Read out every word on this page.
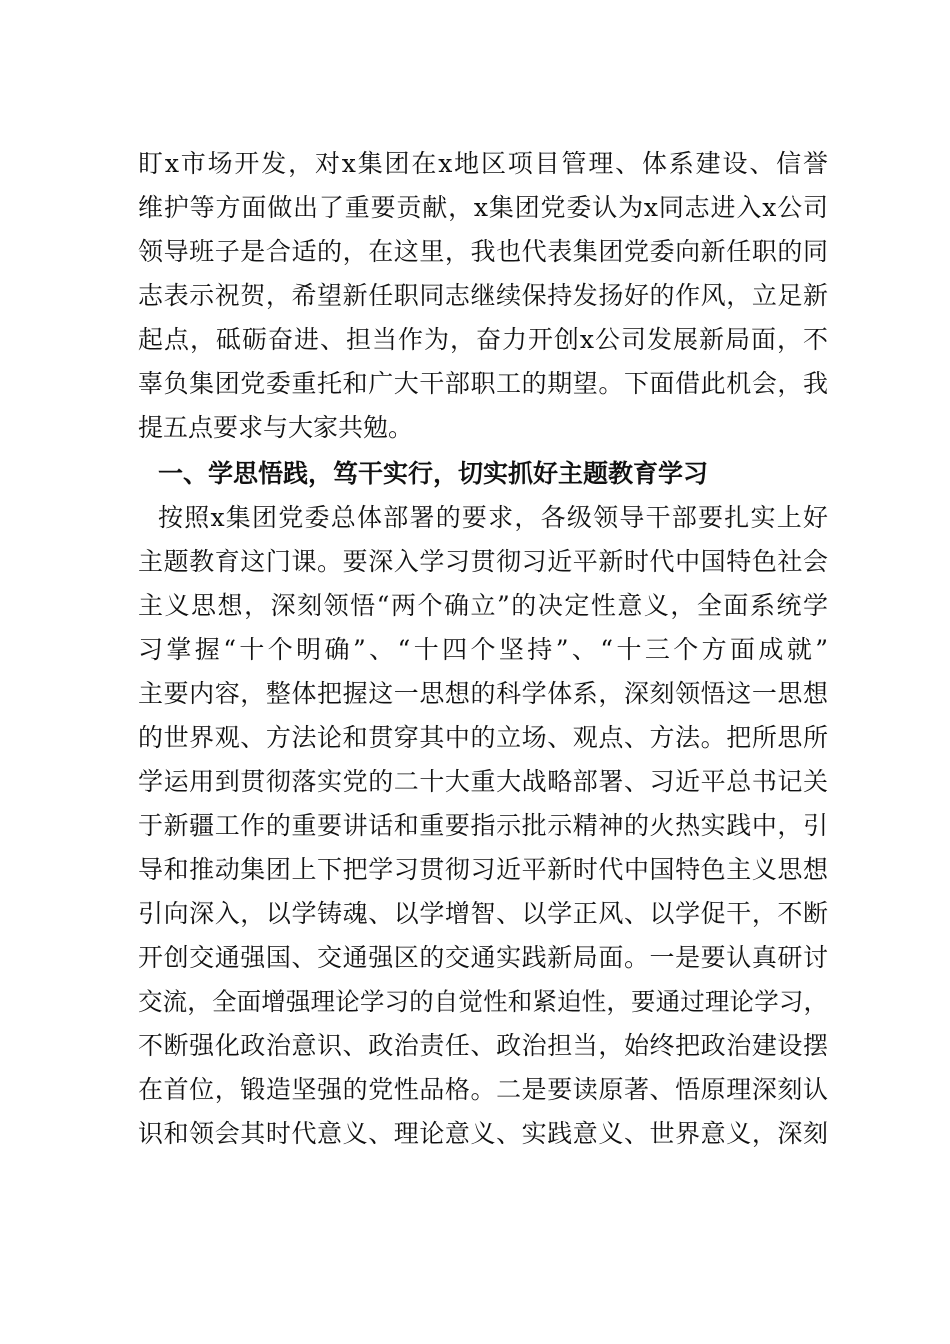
盯x市场开发，对x集团在x地区项目管理、体系建设、信誉
维护等方面做出了重要贡献，x集团党委认为x同志进入x公司
领导班子是合适的，在这里，我也代表集团党委向新任职的同
志表示祝贺，希望新任职同志继续保持发扬好的作风，立足新
起点，砥砺奋进、担当作为，奋力开创x公司发展新局面，不
辜负集团党委重托和广大干部职工的期望。下面借此机会，我
提五点要求与大家共勉。
一、学思悟践，笃干实行，切实抓好主题教育学习
按照x集团党委总体部署的要求，各级领导干部要扎实上好
主题教育这门课。要深入学习贯彻习近平新时代中国特色社会
主义思想，深刻领悟“两个确立”的决定性意义，全面系统学
习掌握“十个明确”、“十四个坚持”、“十三个方面成就”
主要内容，整体把握这一思想的科学体系，深刻领悟这一思想
的世界观、方法论和贯穿其中的立场、观点、方法。把所思所
学运用到贯彻落实党的二十大重大战略部署、习近平总书记关
于新疆工作的重要讲话和重要指示批示精神的火热实践中，引
导和推动集团上下把学习贯彻习近平新时代中国特色主义思想
引向深入，以学铸魂、以学增智、以学正风、以学促干，不断
开创交通强国、交通强区的交通实践新局面。一是要认真研讨
交流，全面增强理论学习的自觉性和紧迫性，要通过理论学习，
不断强化政治意识、政治责任、政治担当，始终把政治建设摆
在首位，锻造坚强的党性品格。二是要读原著、悟原理深刻认
识和领会其时代意义、理论意义、实践意义、世界意义，深刻
